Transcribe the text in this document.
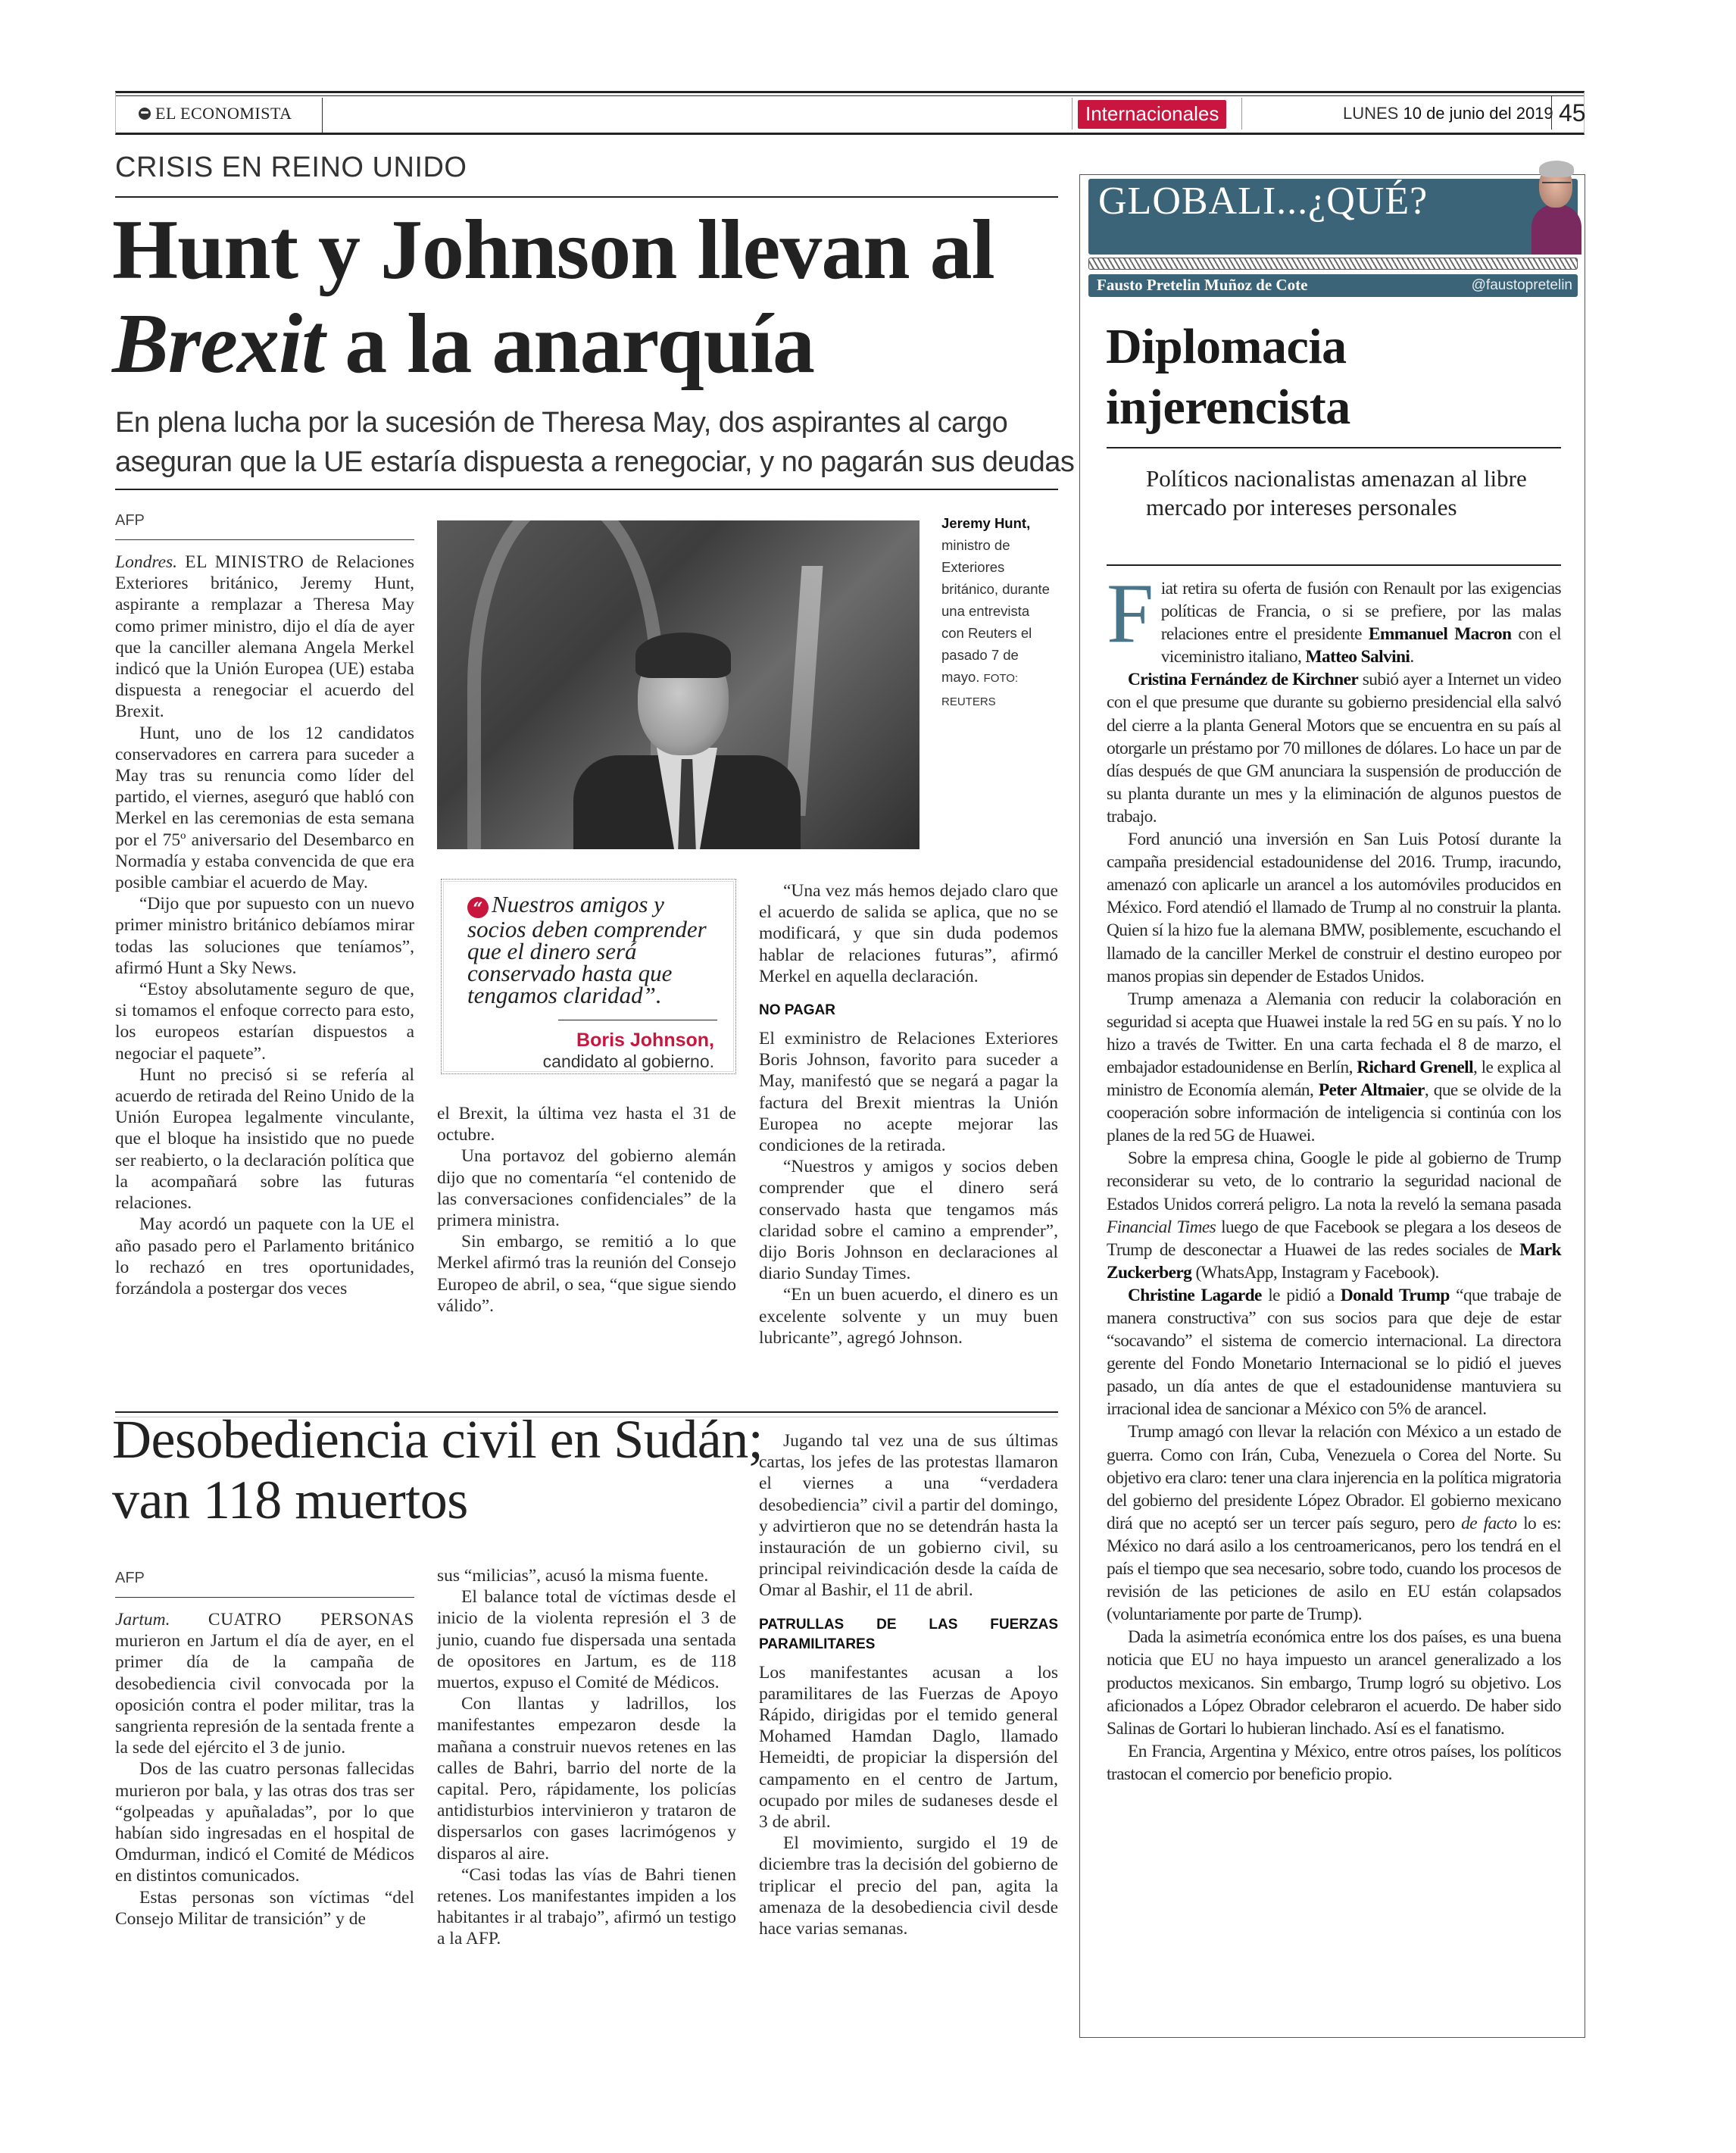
EL ECONOMISTA	Internacionales	LUNES 10 de junio del 2019 45
CRISIS EN REINO UNIDO
Hunt y Johnson llevan al
Brexit a la anarquía
En plena lucha por la sucesión de Theresa May, dos aspirantes al cargo aseguran que la UE estaría dispuesta a renegociar, y no pagarán sus deudas
AFP

Londres. EL MINISTRO de Relaciones Exteriores británico, Jeremy Hunt, aspirante a remplazar a Theresa May como primer ministro, dijo el día de ayer que la canciller alemana Angela Merkel indicó que la Unión Europea (UE) estaba dispuesta a renegociar el acuerdo del Brexit.

Hunt, uno de los 12 candidatos conservadores en carrera para suceder a May tras su renuncia como líder del partido, el viernes, aseguró que habló con Merkel en las ceremonias de esta semana por el 75º aniversario del Desembarco en Normadía y estaba convencida de que era posible cambiar el acuerdo de May.

“Dijo que por supuesto con un nuevo primer ministro británico debíamos mirar todas las soluciones que teníamos”, afirmó Hunt a Sky News.

“Estoy absolutamente seguro de que, si tomamos el enfoque correcto para esto, los europeos estarían dispuestos a negociar el paquete”.

Hunt no precisó si se refería al acuerdo de retirada del Reino Unido de la Unión Europea legalmente vinculante, que el bloque ha insistido que no puede ser reabierto, o la declaración política que la acompañará sobre las futuras relaciones.

May acordó un paquete con la UE el año pasado pero el Parlamento británico lo rechazó en tres oportunidades, forzándola a postergar dos veces

Jeremy Hunt, ministro de Exteriores británico, durante una entrevista con Reuters el pasado 7 de mayo. FOTO: REUTERS
“ Nuestros amigos y socios deben comprender que el dinero será conservado hasta que tengamos claridad”.
Boris Johnson,
candidato al gobierno.

el Brexit, la última vez hasta el 31 de octubre.

Una portavoz del gobierno alemán dijo que no comentaría “el contenido de las conversaciones confidenciales” de la primera ministra.

Sin embargo, se remitió a lo que Merkel afirmó tras la reunión del Consejo Europeo de abril, o sea, “que sigue siendo válido”.

“Una vez más hemos dejado claro que el acuerdo de salida se aplica, que no se modificará, y que sin duda podemos hablar de relaciones futuras”, afirmó Merkel en aquella declaración.

NO PAGAR

El exministro de Relaciones Exteriores Boris Johnson, favorito para suceder a May, manifestó que se negará a pagar la factura del Brexit mientras la Unión Europea no acepte mejorar las condiciones de la retirada.

“Nuestros y amigos y socios deben comprender que el dinero será conservado hasta que tengamos más claridad sobre el camino a emprender”, dijo Boris Johnson en declaraciones al diario Sunday Times.

“En un buen acuerdo, el dinero es un excelente solvente y un muy buen lubricante”, agregó Johnson.

Desobediencia civil en Sudán; van 118 muertos
AFP

Jartum. CUATRO PERSONAS murieron en Jartum el día de ayer, en el primer día de la campaña de desobediencia civil convocada por la oposición contra el poder militar, tras la sangrienta represión de la sentada frente a la sede del ejército el 3 de junio.

Dos de las cuatro personas fallecidas murieron por bala, y las otras dos tras ser “golpeadas y apuñaladas”, por lo que habían sido ingresadas en el hospital de Omdurman, indicó el Comité de Médicos en distintos comunicados.

Estas personas son víctimas “del Consejo Militar de transición” y de

sus “milicias”, acusó la misma fuente.

El balance total de víctimas desde el inicio de la violenta represión el 3 de junio, cuando fue dispersada una sentada de opositores en Jartum, es de 118 muertos, expuso el Comité de Médicos.

Con llantas y ladrillos, los manifestantes empezaron desde la mañana a construir nuevos retenes en las calles de Bahri, barrio del norte de la capital. Pero, rápidamente, los policías antidisturbios intervinieron y trataron de dispersarlos con gases lacrimógenos y disparos al aire.

“Casi todas las vías de Bahri tienen retenes. Los manifestantes impiden a los habitantes ir al trabajo”, afirmó un testigo a la AFP.

Jugando tal vez una de sus últimas cartas, los jefes de las protestas llamaron el viernes a una “verdadera desobediencia” civil a partir del domingo, y advirtieron que no se detendrán hasta la instauración de un gobierno civil, su principal reivindicación desde la caída de Omar al Bashir, el 11 de abril.

PATRULLAS DE LAS FUERZAS PARAMILITARES

Los manifestantes acusan a los paramilitares de las Fuerzas de Apoyo Rápido, dirigidas por el temido general Mohamed Hamdan Daglo, llamado Hemeidti, de propiciar la dispersión del campamento en el centro de Jartum, ocupado por miles de sudaneses desde el 3 de abril.

El movimiento, surgido el 19 de diciembre tras la decisión del gobierno de triplicar el precio del pan, agita la amenaza de la desobediencia civil desde hace varias semanas.

GLOBALI...¿QUÉ?
Fausto Pretelin Muñoz de Cote	@faustopretelin
Diplomacia
injerencista
Políticos nacionalistas amenazan al libre mercado por intereses personales

Fiat retira su oferta de fusión con Renault por las exigencias políticas de Francia, o si se prefiere, por las malas relaciones entre el presidente Emmanuel Macron con el viceministro italiano, Matteo Salvini.

Cristina Fernández de Kirchner subió ayer a Internet un video con el que presume que durante su gobierno presidencial ella salvó del cierre a la planta General Motors que se encuentra en su país al otorgarle un préstamo por 70 millones de dólares. Lo hace un par de días después de que GM anunciara la suspensión de producción de su planta durante un mes y la eliminación de algunos puestos de trabajo.

Ford anunció una inversión en San Luis Potosí durante la campaña presidencial estadounidense del 2016. Trump, iracundo, amenazó con aplicarle un arancel a los automóviles producidos en México. Ford atendió el llamado de Trump al no construir la planta. Quien sí la hizo fue la alemana BMW, posiblemente, escuchando el llamado de la canciller Merkel de construir el destino europeo por manos propias sin depender de Estados Unidos.

Trump amenaza a Alemania con reducir la colaboración en seguridad si acepta que Huawei instale la red 5G en su país. Y no lo hizo a través de Twitter. En una carta fechada el 8 de marzo, el embajador estadounidense en Berlín, Richard Grenell, le explica al ministro de Economía alemán, Peter Altmaier, que se olvide de la cooperación sobre información de inteligencia si continúa con los planes de la red 5G de Huawei.

Sobre la empresa china, Google le pide al gobierno de Trump reconsiderar su veto, de lo contrario la seguridad nacional de Estados Unidos correrá peligro. La nota la reveló la semana pasada Financial Times luego de que Facebook se plegara a los deseos de Trump de desconectar a Huawei de las redes sociales de Mark Zuckerberg (WhatsApp, Instagram y Facebook).

Christine Lagarde le pidió a Donald Trump “que trabaje de manera constructiva” con sus socios para que deje de estar “socavando” el sistema de comercio internacional. La directora gerente del Fondo Monetario Internacional se lo pidió el jueves pasado, un día antes de que el estadounidense mantuviera su irracional idea de sancionar a México con 5% de arancel.

Trump amagó con llevar la relación con México a un estado de guerra. Como con Irán, Cuba, Venezuela o Corea del Norte. Su objetivo era claro: tener una clara injerencia en la política migratoria del gobierno del presidente López Obrador. El gobierno mexicano dirá que no aceptó ser un tercer país seguro, pero de facto lo es: México no dará asilo a los centroamericanos, pero los tendrá en el país el tiempo que sea necesario, sobre todo, cuando los procesos de revisión de las peticiones de asilo en EU están colapsados (voluntariamente por parte de Trump).

Dada la asimetría económica entre los dos países, es una buena noticia que EU no haya impuesto un arancel generalizado a los productos mexicanos. Sin embargo, Trump logró su objetivo. Los aficionados a López Obrador celebraron el acuerdo. De haber sido Salinas de Gortari lo hubieran linchado. Así es el fanatismo.

En Francia, Argentina y México, entre otros países, los políticos trastocan el comercio por beneficio propio.
